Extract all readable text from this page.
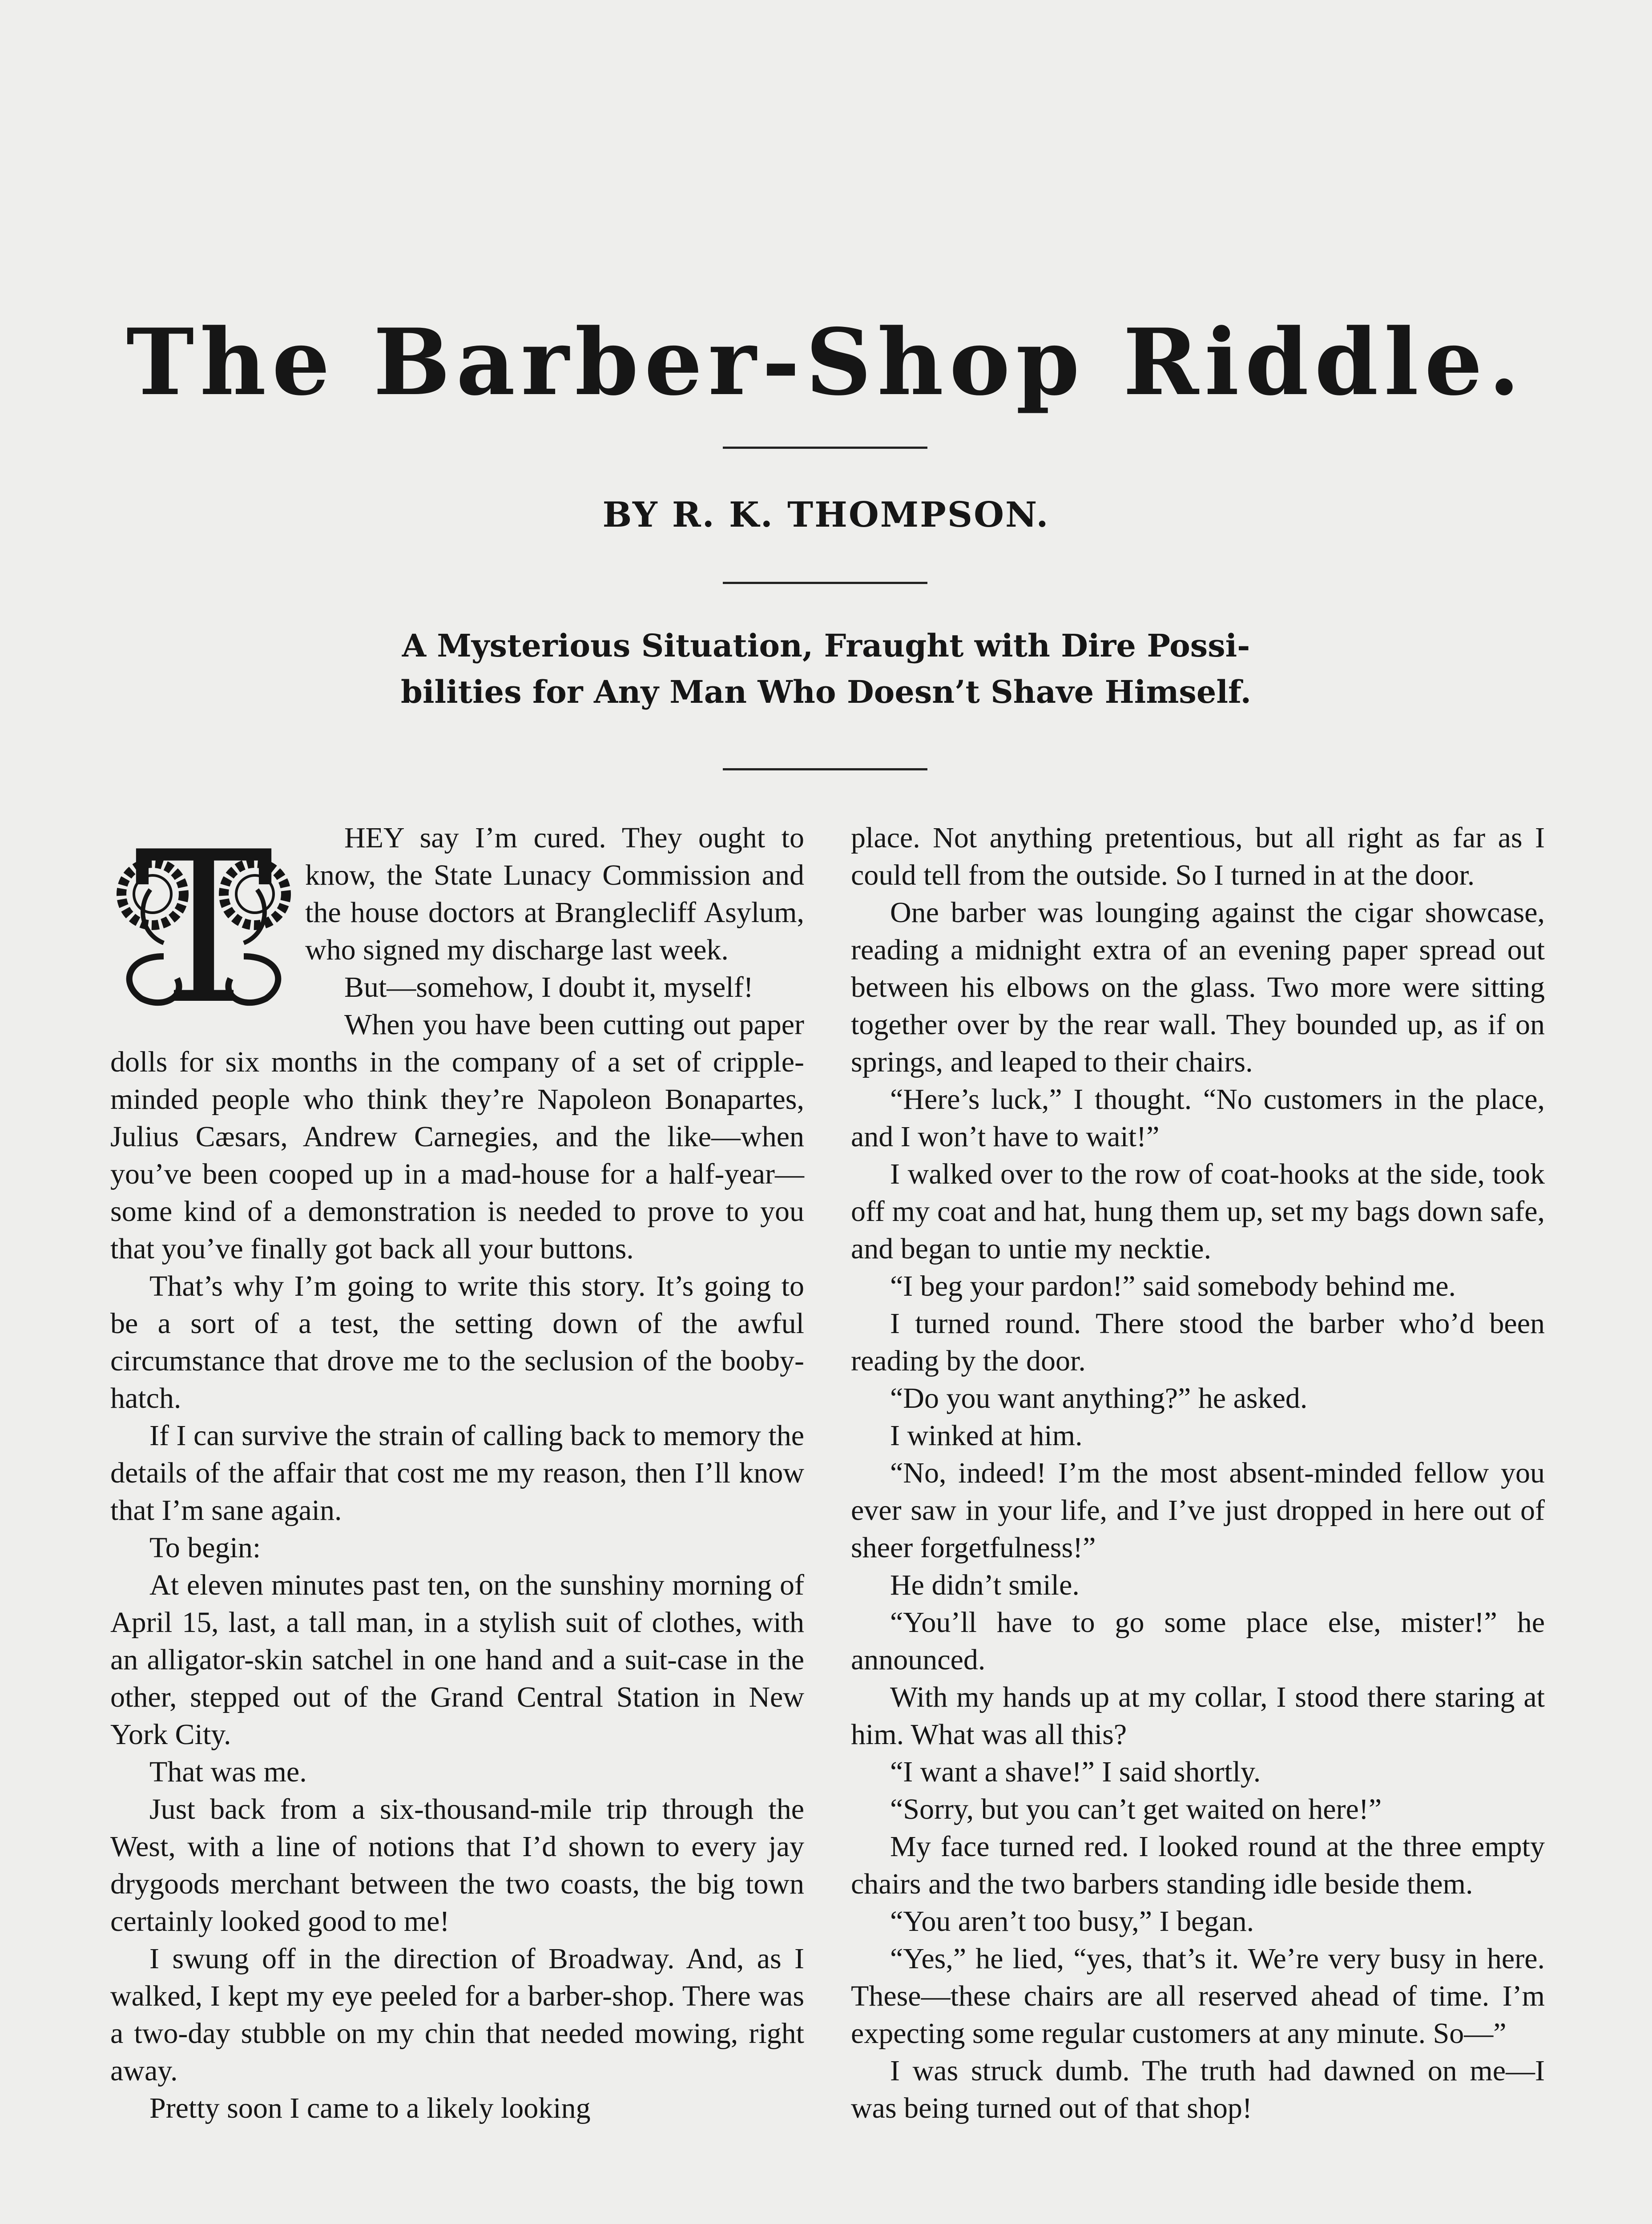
The Barber-Shop Riddle.
BY R. K. THOMPSON.
A Mysterious Situation, Fraught with Dire Possi-
bilities for Any Man Who Doesn’t Shave Himself.
T	HEY say I’m cured. They ought to know, the State Lunacy Commission and the house doctors at Branglecliff Asylum, who signed my discharge last week.

But—somehow, I doubt it, myself!

When you have been cutting out paper dolls for six months in the company of a set of cripple-minded people who think they’re Napoleon Bonapartes, Julius Cæsars, Andrew Carnegies, and the like—when you’ve been cooped up in a mad-house for a half-year—some kind of a demonstration is needed to prove to you that you’ve finally got back all your buttons.

That’s why I’m going to write this story. It’s going to be a sort of a test, the setting down of the awful circumstance that drove me to the seclusion of the booby-hatch.

If I can survive the strain of calling back to memory the details of the affair that cost me my reason, then I’ll know that I’m sane again.

To begin:

At eleven minutes past ten, on the sunshiny morning of April 15, last, a tall man, in a stylish suit of clothes, with an alligator-skin satchel in one hand and a suit-case in the other, stepped out of the Grand Central Station in New York City.

That was me.

Just back from a six-thousand-mile trip through the West, with a line of notions that I’d shown to every jay drygoods merchant between the two coasts, the big town certainly looked good to me!

I swung off in the direction of Broadway. And, as I walked, I kept my eye peeled for a barber-shop. There was a two-day stubble on my chin that needed mowing, right away.

Pretty soon I came to a likely looking

place. Not anything pretentious, but all right as far as I could tell from the outside. So I turned in at the door.

One barber was lounging against the cigar showcase, reading a midnight extra of an evening paper spread out between his elbows on the glass. Two more were sitting together over by the rear wall. They bounded up, as if on springs, and leaped to their chairs.

“Here’s luck,” I thought. “No customers in the place, and I won’t have to wait!”

I walked over to the row of coat-hooks at the side, took off my coat and hat, hung them up, set my bags down safe, and began to untie my necktie.

“I beg your pardon!” said somebody behind me.

I turned round. There stood the barber who’d been reading by the door.

“Do you want anything?” he asked.

I winked at him.

“No, indeed! I’m the most absent-minded fellow you ever saw in your life, and I’ve just dropped in here out of sheer forgetfulness!”

He didn’t smile.

“You’ll have to go some place else, mister!” he announced.

With my hands up at my collar, I stood there staring at him. What was all this?

“I want a shave!” I said shortly.

“Sorry, but you can’t get waited on here!”

My face turned red. I looked round at the three empty chairs and the two barbers standing idle beside them.

“You aren’t too busy,” I began.

“Yes,” he lied, “yes, that’s it. We’re very busy in here. These—these chairs are all reserved ahead of time. I’m expecting some regular customers at any minute. So—”

I was struck dumb. The truth had dawned on me—I was being turned out of that shop!
